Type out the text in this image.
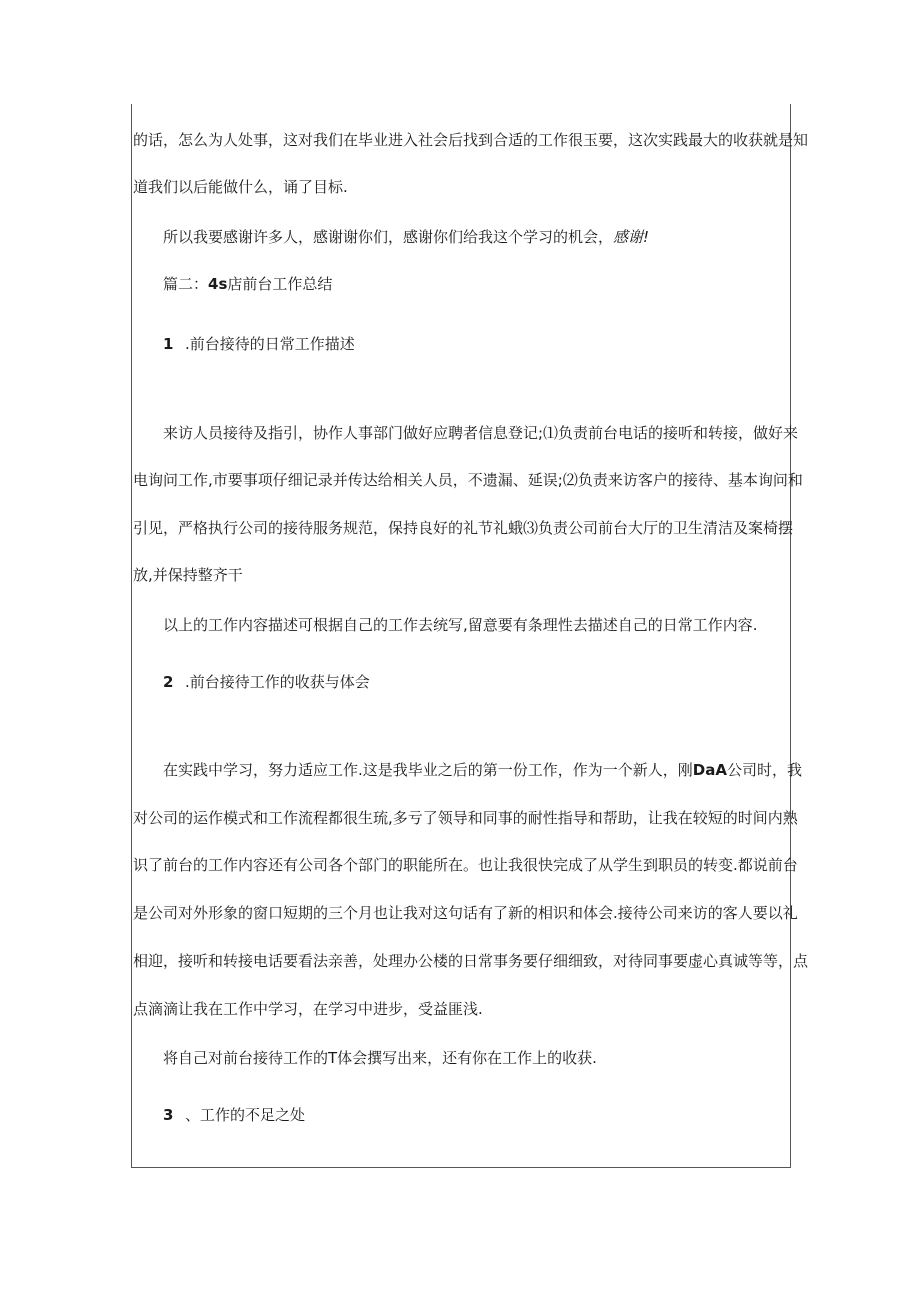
的话，怎么为人处事，这对我们在毕业进入社会后找到合适的工作很玉要，这次实践最大的收获就是知

道我们以后能做什么，诵了目标.

所以我要感谢许多人，感谢谢你们，感谢你们给我这个学习的机会，感谢!

篇二：4s店前台工作总结

1 .前台接待的日常工作描述

来访人员接待及指引，协作人事部门做好应聘者信息登记;⑴负责前台电话的接听和转接，做好来

电询问工作,市要事项仔细记录并传达给相关人员，不遗漏、延误;⑵负责来访客户的接待、基本询问和

引见，严格执行公司的接待服务规范，保持良好的礼节礼蛾⑶负责公司前台大厅的卫生清洁及案椅摆

放,并保持整齐干

以上的工作内容描述可根据自己的工作去统写,留意要有条理性去描述自己的日常工作内容.

2 .前台接待工作的收获与体会

在实践中学习，努力适应工作.这是我毕业之后的第一份工作，作为一个新人，刚DaA公司时，我

对公司的运作模式和工作流程都很生琉,多亏了领导和同事的耐性指导和帮助，让我在较短的时间内熟

识了前台的工作内容还有公司各个部门的职能所在。也让我很快完成了从学生到职员的转变.都说前台

是公司对外形象的窗口短期的三个月也让我对这句话有了新的相识和体会.接待公司来访的客人要以礼

相迎，接听和转接电话要看法亲善，处理办公楼的日常事务要仔细细致，对待同事要虚心真诚等等，点

点滴滴让我在工作中学习，在学习中进步，受益匪浅.

将自己对前台接待工作的T体会撰写出来，还有你在工作上的收获.

3 、工作的不足之处
